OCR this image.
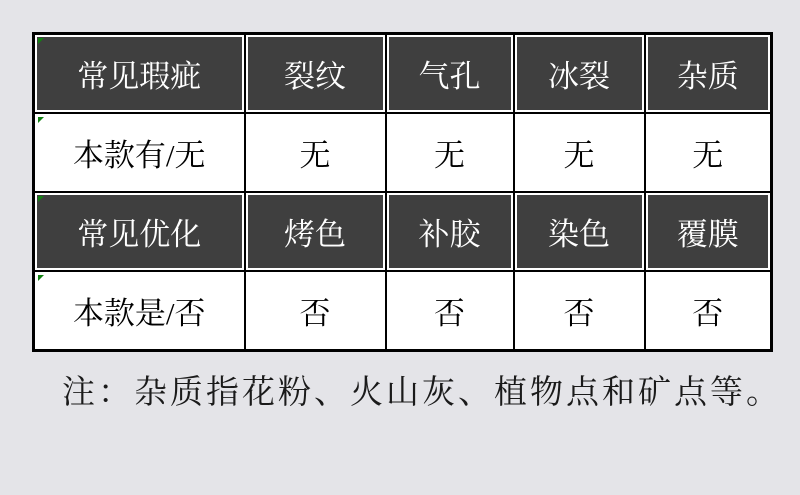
常见瑕疵	裂纹	气孔	冰裂	杂质

本款有/无	无	无	无	无

常见优化	烤色	补胶	染色	覆膜

本款是/否	否	否	否	否

注：杂质指花粉、火山灰、植物点和矿点等。
